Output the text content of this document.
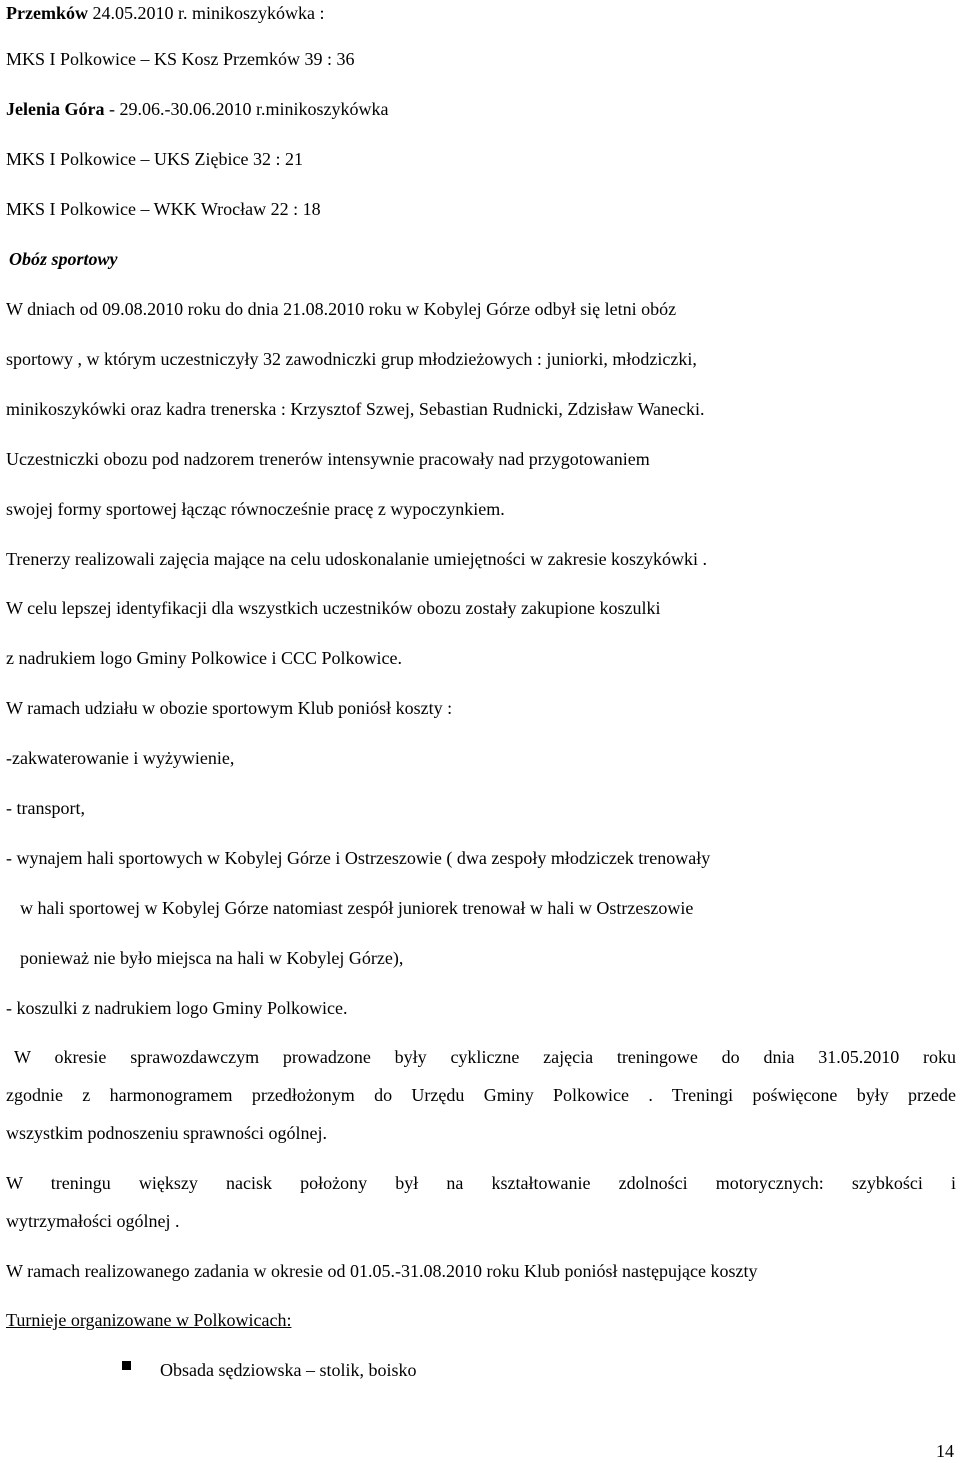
Przemków 24.05.2010 r. minikoszykówka :
MKS I Polkowice – KS Kosz Przemków 39 : 36
Jelenia Góra - 29.06.-30.06.2010 r.minikoszykówka
MKS I Polkowice – UKS Ziębice 32 : 21
MKS I Polkowice – WKK Wrocław 22 : 18
Obóz sportowy
W dniach od 09.08.2010 roku do dnia 21.08.2010 roku w Kobylej Górze odbył się letni obóz
sportowy , w którym uczestniczyły 32 zawodniczki grup młodzieżowych : juniorki, młodziczki,
minikoszykówki oraz kadra trenerska : Krzysztof Szwej, Sebastian Rudnicki, Zdzisław Wanecki.
Uczestniczki obozu pod nadzorem trenerów intensywnie pracowały nad przygotowaniem
swojej formy sportowej łącząc równocześnie pracę z wypoczynkiem.
Trenerzy realizowali zajęcia mające na celu udoskonalanie umiejętności w zakresie koszykówki .
W celu lepszej identyfikacji dla wszystkich uczestników obozu zostały zakupione koszulki
z nadrukiem logo Gminy Polkowice i CCC Polkowice.
W ramach udziału w obozie sportowym Klub poniósł koszty :
-zakwaterowanie i wyżywienie,
- transport,
- wynajem hali sportowych w Kobylej Górze i Ostrzeszowie ( dwa zespoły młodziczek trenowały
w hali sportowej w Kobylej Górze natomiast zespół juniorek trenował w hali w Ostrzeszowie
ponieważ nie było miejsca na hali w Kobylej Górze),
- koszulki z nadrukiem logo Gminy Polkowice.
W okresie sprawozdawczym prowadzone były cykliczne zajęcia treningowe do dnia 31.05.2010 roku
zgodnie z harmonogramem przedłożonym do Urzędu Gminy Polkowice . Treningi poświęcone były przede
wszystkim podnoszeniu sprawności ogólnej.
W treningu większy nacisk położony był na kształtowanie zdolności motorycznych: szybkości i
wytrzymałości ogólnej .
W ramach realizowanego zadania w okresie od 01.05.-31.08.2010 roku Klub poniósł następujące koszty
Turnieje organizowane w Polkowicach:
Obsada sędziowska – stolik, boisko
14
